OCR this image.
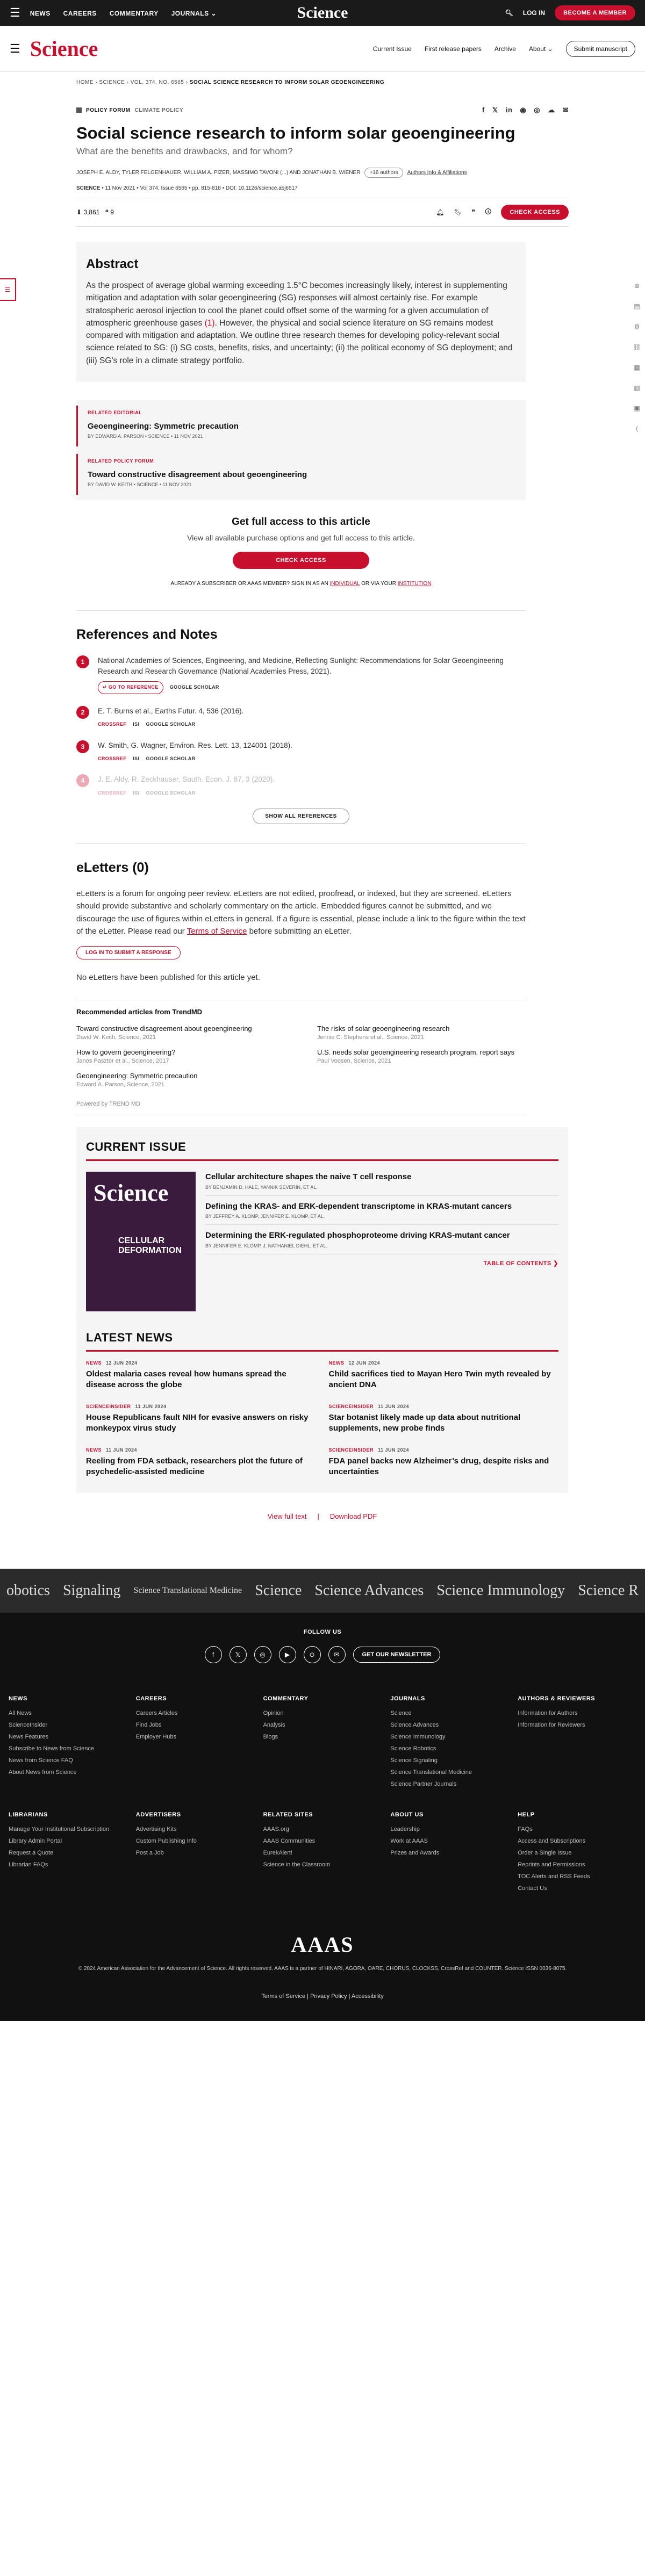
☰ NEWS CAREERS COMMENTARY JOURNALS ⌄	Science	🔍︎ LOG IN	BECOME A MEMBER
☰ Science	Current Issue First release papers Archive About ⌄	Submit manuscript
HOME › SCIENCE › VOL. 374, NO. 6565 › SOCIAL SCIENCE RESEARCH TO INFORM SOLAR GEOENGINEERING
☰	⊕
▤
⚙
⛓
▦
▥
▣
⟨
POLICY FORUM CLIMATE POLICY	f 𝕏 in ◉ ◎ ☁ ✉
Social science research to inform solar geoengineering
What are the benefits and drawbacks, and for whom?
JOSEPH E. ALDY, TYLER FELGENHAUER, WILLIAM A. PIZER, MASSIMO TAVONI (...) AND JONATHAN B. WIENER	+16 authors	Authors Info & Affiliations
SCIENCE • 11 Nov 2021 • Vol 374, Issue 6565 • pp. 815-818 • DOI: 10.1126/science.abj6517
⬇ 3,861
❝ 9	🔔︎ 🔖︎ ❞ 🛈	CHECK ACCESS
Abstract

As the prospect of average global warming exceeding 1.5°C becomes increasingly likely, interest in supplementing mitigation and adaptation with solar geoengineering (SG) responses will almost certainly rise. For example stratospheric aerosol injection to cool the planet could offset some of the warming for a given accumulation of atmospheric greenhouse gases (1). However, the physical and social science literature on SG remains modest compared with mitigation and adaptation. We outline three research themes for developing policy-relevant social science related to SG: (i) SG costs, benefits, risks, and uncertainty; (ii) the political economy of SG deployment; and (iii) SG’s role in a climate strategy portfolio.

RELATED EDITORIAL
Geoengineering: Symmetric precaution
BY EDWARD A. PARSON • SCIENCE • 11 NOV 2021
RELATED POLICY FORUM
Toward constructive disagreement about geoengineering
BY DAVID W. KEITH • SCIENCE • 11 NOV 2021
Get full access to this article

View all available purchase options and get full access to this article.

CHECK ACCESS
ALREADY A SUBSCRIBER OR AAAS MEMBER? SIGN IN AS AN INDIVIDUAL OR VIA YOUR INSTITUTION
References and Notes
1	National Academies of Sciences, Engineering, and Medicine, Reflecting Sunlight: Recommendations for Solar Geoengineering Research and Research Governance (National Academies Press, 2021).
↵ GO TO REFERENCE	GOOGLE SCHOLAR
2	E. T. Burns et al., Earths Futur. 4, 536 (2016).
CROSSREF ISI GOOGLE SCHOLAR
3	W. Smith, G. Wagner, Environ. Res. Lett. 13, 124001 (2018).
CROSSREF ISI GOOGLE SCHOLAR
4	J. E. Aldy, R. Zeckhauser, South. Econ. J. 87, 3 (2020).
CROSSREF ISI GOOGLE SCHOLAR
SHOW ALL REFERENCES
eLetters (0)

eLetters is a forum for ongoing peer review. eLetters are not edited, proofread, or indexed, but they are screened. eLetters should provide substantive and scholarly commentary on the article. Embedded figures cannot be submitted, and we discourage the use of figures within eLetters in general. If a figure is essential, please include a link to the figure within the text of the eLetter. Please read our Terms of Service before submitting an eLetter.

LOG IN TO SUBMIT A RESPONSE

No eLetters have been published for this article yet.

Recommended articles from TrendMD
Toward constructive disagreement about geoengineering
David W. Keith, Science, 2021
How to govern geoengineering?
Janos Pasztor et al., Science, 2017
Geoengineering: Symmetric precaution
Edward A. Parson, Science, 2021
The risks of solar geoengineering research
Jennie C. Stephens et al., Science, 2021
U.S. needs solar geoengineering research program, report says
Paul Voosen, Science, 2021
Powered by TREND MD
CURRENT ISSUE
Science
CELLULAR DEFORMATION
Cellular architecture shapes the naive T cell response
BY BENJAMIN D. HALE, YANNIK SEVERIN, ET AL.
Defining the KRAS- and ERK-dependent transcriptome in KRAS-mutant cancers
BY JEFFREY A. KLOMP, JENNIFER E. KLOMP, ET AL.
Determining the ERK-regulated phosphoproteome driving KRAS-mutant cancer
BY JENNIFER E. KLOMP, J. NATHANIEL DIEHL, ET AL.
TABLE OF CONTENTS ❯
LATEST NEWS
NEWS 12 JUN 2024
Oldest malaria cases reveal how humans spread the disease across the globe
NEWS 12 JUN 2024
Child sacrifices tied to Mayan Hero Twin myth revealed by ancient DNA
SCIENCEINSIDER 11 JUN 2024
House Republicans fault NIH for evasive answers on risky monkeypox virus study
SCIENCEINSIDER 11 JUN 2024
Star botanist likely made up data about nutritional supplements, new probe finds
NEWS 11 JUN 2024
Reeling from FDA setback, researchers plot the future of psychedelic-assisted medicine
SCIENCEINSIDER 11 JUN 2024
FDA panel backs new Alzheimer’s drug, despite risks and uncertainties
View full text | Download PDF
obotics Signaling Science Translational Medicine Science Science Advances Science Immunology Science R
FOLLOW US
f	𝕏	◎	▶	⊙	✉	GET OUR NEWSLETTER
NEWS
All News
ScienceInsider
News Features
Subscribe to News from Science
News from Science FAQ
About News from Science
CAREERS
Careers Articles
Find Jobs
Employer Hubs
COMMENTARY
Opinion
Analysis
Blogs
JOURNALS
Science
Science Advances
Science Immunology
Science Robotics
Science Signaling
Science Translational Medicine
Science Partner Journals
AUTHORS & REVIEWERS
Information for Authors
Information for Reviewers
LIBRARIANS
Manage Your Institutional Subscription
Library Admin Portal
Request a Quote
Librarian FAQs
ADVERTISERS
Advertising Kits
Custom Publishing Info
Post a Job
RELATED SITES
AAAS.org
AAAS Communities
EurekAlert!
Science in the Classroom
ABOUT US
Leadership
Work at AAAS
Prizes and Awards
HELP
FAQs
Access and Subscriptions
Order a Single Issue
Reprints and Permissions
TOC Alerts and RSS Feeds
Contact Us
AAAS
© 2024 American Association for the Advancement of Science. All rights reserved. AAAS is a partner of HINARI, AGORA, OARE, CHORUS, CLOCKSS, CrossRef and COUNTER. Science ISSN 0036-8075.
Terms of Service | Privacy Policy | Accessibility
